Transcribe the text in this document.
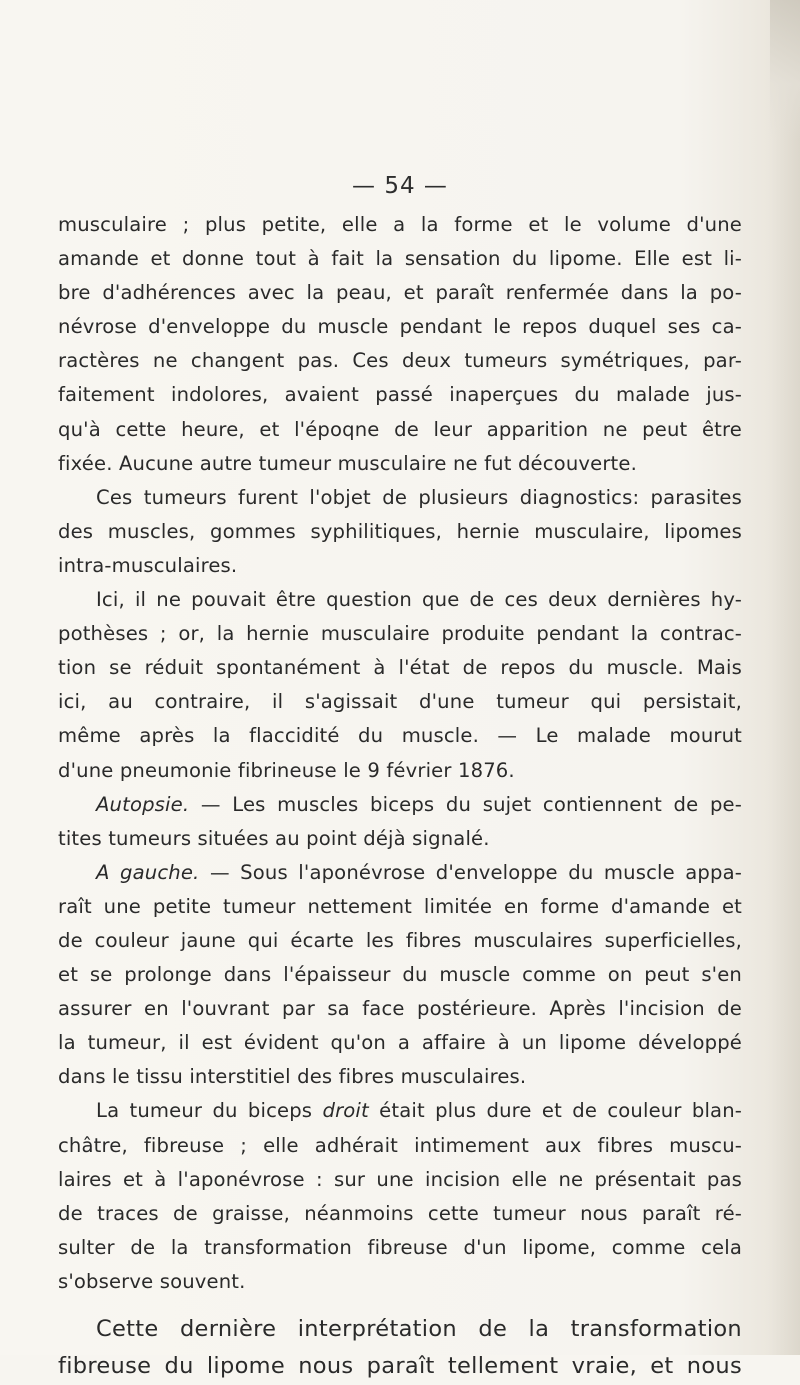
— 54 —
musculaire ; plus petite, elle a la forme et le volume d'une
amande et donne tout à fait la sensation du lipome. Elle est li-
bre d'adhérences avec la peau, et paraît renfermée dans la po-
névrose d'enveloppe du muscle pendant le repos duquel ses ca-
ractères ne changent pas. Ces deux tumeurs symétriques, par-
faitement indolores, avaient passé inaperçues du malade jus-
qu'à cette heure, et l'époqne de leur apparition ne peut être
fixée. Aucune autre tumeur musculaire ne fut découverte.
Ces tumeurs furent l'objet de plusieurs diagnostics: parasites
des muscles, gommes syphilitiques, hernie musculaire, lipomes
intra-musculaires.
Ici, il ne pouvait être question que de ces deux dernières hy-
pothèses ; or, la hernie musculaire produite pendant la contrac-
tion se réduit spontanément à l'état de repos du muscle. Mais
ici, au contraire, il s'agissait d'une tumeur qui persistait,
même après la flaccidité du muscle. — Le malade mourut
d'une pneumonie fibrineuse le 9 février 1876.
Autopsie. — Les muscles biceps du sujet contiennent de pe-
tites tumeurs situées au point déjà signalé.
A gauche. — Sous l'aponévrose d'enveloppe du muscle appa-
raît une petite tumeur nettement limitée en forme d'amande et
de couleur jaune qui écarte les fibres musculaires superficielles,
et se prolonge dans l'épaisseur du muscle comme on peut s'en
assurer en l'ouvrant par sa face postérieure. Après l'incision de
la tumeur, il est évident qu'on a affaire à un lipome développé
dans le tissu interstitiel des fibres musculaires.
La tumeur du biceps droit était plus dure et de couleur blan-
châtre, fibreuse ; elle adhérait intimement aux fibres muscu-
laires et à l'aponévrose : sur une incision elle ne présentait pas
de traces de graisse, néanmoins cette tumeur nous paraît ré-
sulter de la transformation fibreuse d'un lipome, comme cela
s'observe souvent.
Cette dernière interprétation de la transformation
fibreuse du lipome nous paraît tellement vraie, et nous
